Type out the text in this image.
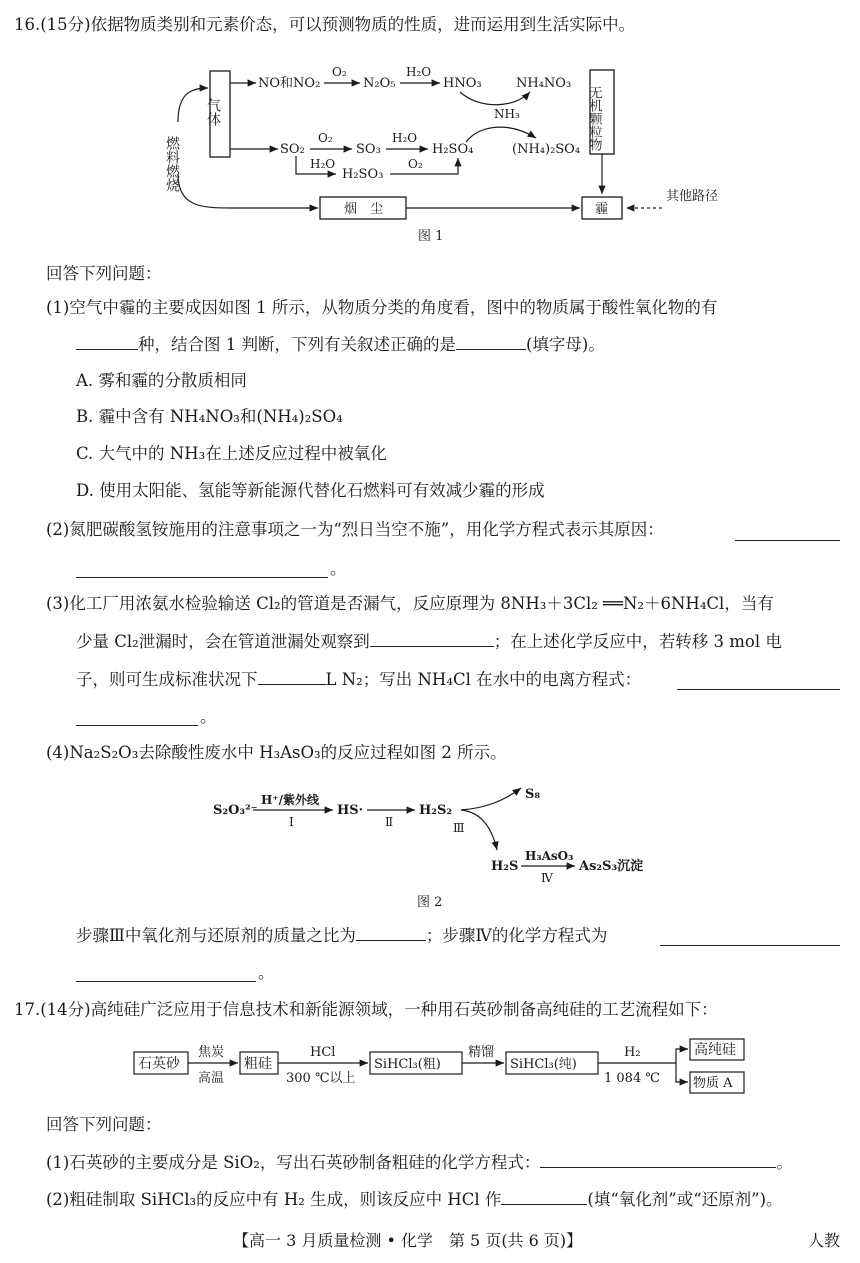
16.(15分)依据物质类别和元素价态，可以预测物质的性质，进而运用到生活实际中。
燃料燃烧
气体
NO和NO₂
O₂
N₂O₅
H₂O
HNO₃	NH₄NO₃
NH₃
SO₂
O₂
SO₃
H₂O
H₂SO₄	(NH₄)₂SO₄
H₂O
H₂SO₃
O₂
无机颗粒物
烟　尘	霾
其他路径
图 1
回答下列问题：
(1)空气中霾的主要成因如图 1 所示，从物质分类的角度看，图中的物质属于酸性氧化物的有
种，结合图 1 判断，下列有关叙述正确的是	(填字母)。
A. 雾和霾的分散质相同
B. 霾中含有 NH₄NO₃和(NH₄)₂SO₄
C. 大气中的 NH₃在上述反应过程中被氧化
D. 使用太阳能、氢能等新能源代替化石燃料可有效减少霾的形成
(2)氮肥碳酸氢铵施用的注意事项之一为“烈日当空不施”，用化学方程式表示其原因：
。
(3)化工厂用浓氨水检验输送 Cl₂的管道是否漏气，反应原理为 8NH₃＋3Cl₂ ══N₂＋6NH₄Cl，当有
少量 Cl₂泄漏时，会在管道泄漏处观察到	；在上述化学反应中，若转移 3 mol 电
子，则可生成标准状况下	L N₂；写出 NH₄Cl 在水中的电离方程式：
。
(4)Na₂S₂O₃去除酸性废水中 H₃AsO₃的反应过程如图 2 所示。
S₂O₃²⁻
H⁺/紫外线
Ⅰ
HS·
Ⅱ
H₂S₂
S₈
Ⅲ
H₂S
H₃AsO₃
Ⅳ
As₂S₃沉淀
图 2
步骤Ⅲ中氧化剂与还原剂的质量之比为	；步骤Ⅳ的化学方程式为
。
17.(14分)高纯硅广泛应用于信息技术和新能源领域，一种用石英砂制备高纯硅的工艺流程如下：
石英砂
焦炭
高温
粗硅
HCl
300 ℃以上
SiHCl₃(粗)
精馏
SiHCl₃(纯)
H₂
1 084 ℃
高纯硅
物质 A
回答下列问题：
(1)石英砂的主要成分是 SiO₂，写出石英砂制备粗硅的化学方程式：	。
(2)粗硅制取 SiHCl₃的反应中有 H₂ 生成，则该反应中 HCl 作	(填“氧化剂”或“还原剂”)。
【高一 3 月质量检测 • 化学　第 5 页(共 6 页)】	人教
